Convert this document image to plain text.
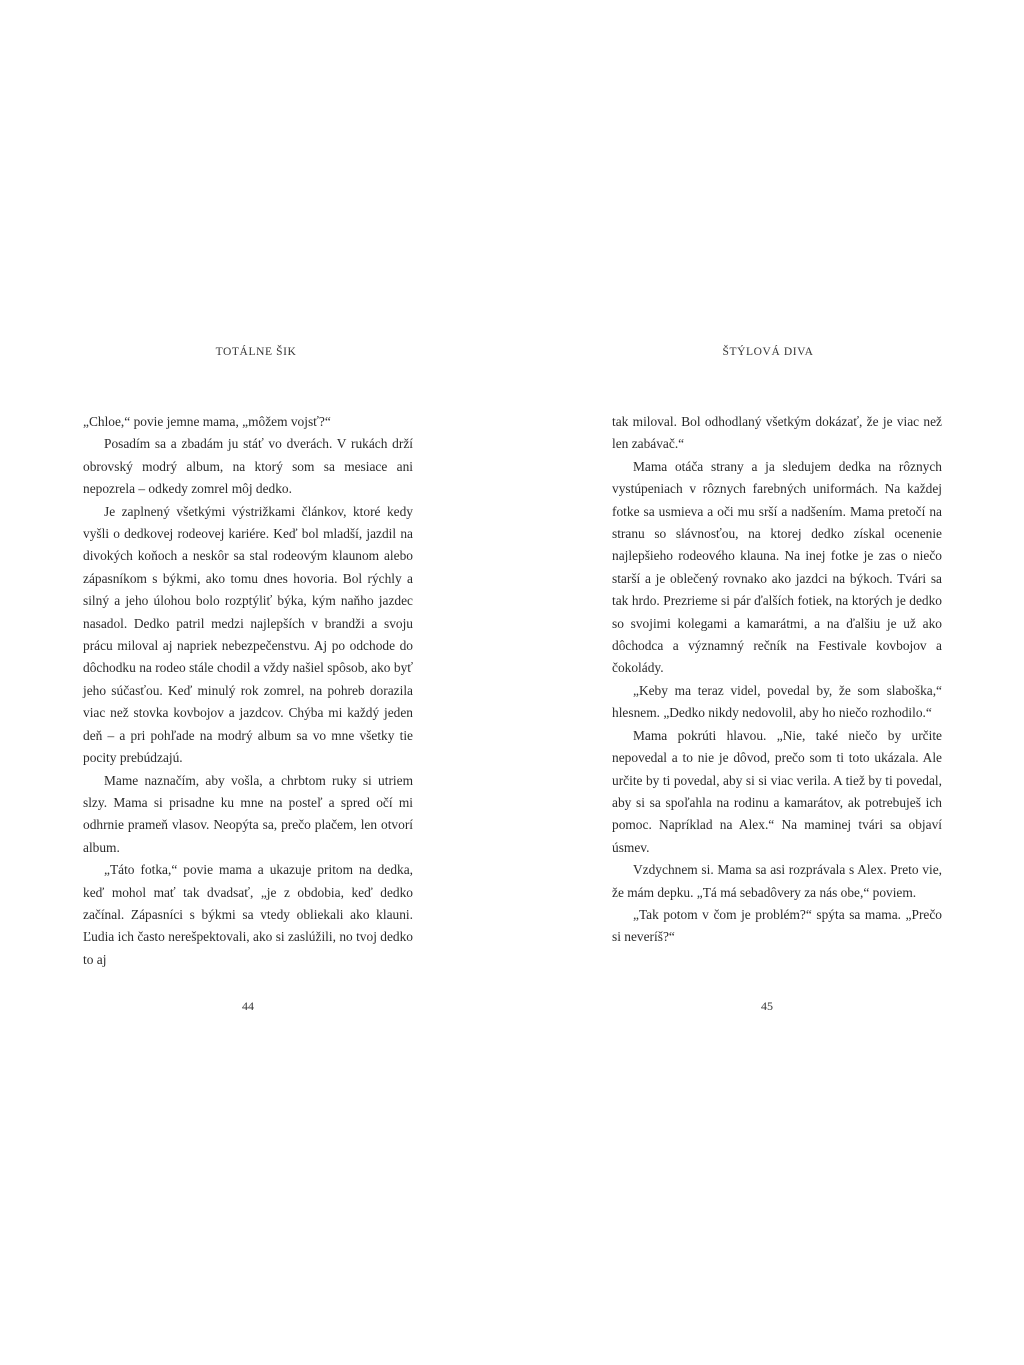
TOTÁLNE ŠIK

„Chloe,“ povie jemne mama, „môžem vojsť?“

Posadím sa a zbadám ju stáť vo dverách. V rukách drží obrovský modrý album, na ktorý som sa mesiace ani nepozrela – odkedy zomrel môj dedko.

Je zaplnený všetkými výstrižkami článkov, ktoré kedy vyšli o dedkovej rodeovej kariére. Keď bol mladší, jazdil na divokých koňoch a neskôr sa stal rodeovým klaunom alebo zápasníkom s býkmi, ako tomu dnes hovoria. Bol rýchly a silný a jeho úlohou bolo rozptýliť býka, kým naňho jazdec nasadol. Dedko patril medzi najlepších v brandži a svoju prácu miloval aj napriek nebezpečenstvu. Aj po odchode do dôchodku na rodeo stále chodil a vždy našiel spôsob, ako byť jeho súčasťou. Keď minulý rok zomrel, na pohreb dorazila viac než stovka kovbojov a jazdcov. Chýba mi každý jeden deň – a pri pohľade na modrý album sa vo mne všetky tie pocity prebúdzajú.

Mame naznačím, aby vošla, a chrbtom ruky si utriem slzy. Mama si prisadne ku mne na posteľ a spred očí mi odhrnie prameň vlasov. Neopýta sa, prečo plačem, len otvorí album.

„Táto fotka,“ povie mama a ukazuje pritom na dedka, keď mohol mať tak dvadsať, „je z obdobia, keď dedko začínal. Zápasníci s býkmi sa vtedy obliekali ako klauni. Ľudia ich často nerešpektovali, ako si zaslúžili, no tvoj dedko to aj

44
ŠTÝLOVÁ DIVA

tak miloval. Bol odhodlaný všetkým dokázať, že je viac než len zabávač.“

Mama otáča strany a ja sledujem dedka na rôznych vystúpeniach v rôznych farebných uniformách. Na každej fotke sa usmieva a oči mu srší a nadšením. Mama pretočí na stranu so slávnosťou, na ktorej dedko získal ocenenie najlepšieho rodeového klauna. Na inej fotke je zas o niečo starší a je oblečený rovnako ako jazdci na býkoch. Tvári sa tak hrdo. Prezrieme si pár ďalších fotiek, na ktorých je dedko so svojimi kolegami a kamarátmi, a na ďalšiu je už ako dôchodca a významný rečník na Festivale kovbojov a čokolády.

„Keby ma teraz videl, povedal by, že som slaboška,“ hlesnem. „Dedko nikdy nedovolil, aby ho niečo rozhodilo.“

Mama pokrúti hlavou. „Nie, také niečo by určite nepovedal a to nie je dôvod, prečo som ti toto ukázala. Ale určite by ti povedal, aby si si viac verila. A tiež by ti povedal, aby si sa spoľahla na rodinu a kamarátov, ak potrebuješ ich pomoc. Napríklad na Alex.“ Na maminej tvári sa objaví úsmev.

Vzdychnem si. Mama sa asi rozprávala s Alex. Preto vie, že mám depku. „Tá má sebadôvery za nás obe,“ poviem.

„Tak potom v čom je problém?“ spýta sa mama. „Prečo si neveríš?“

45
